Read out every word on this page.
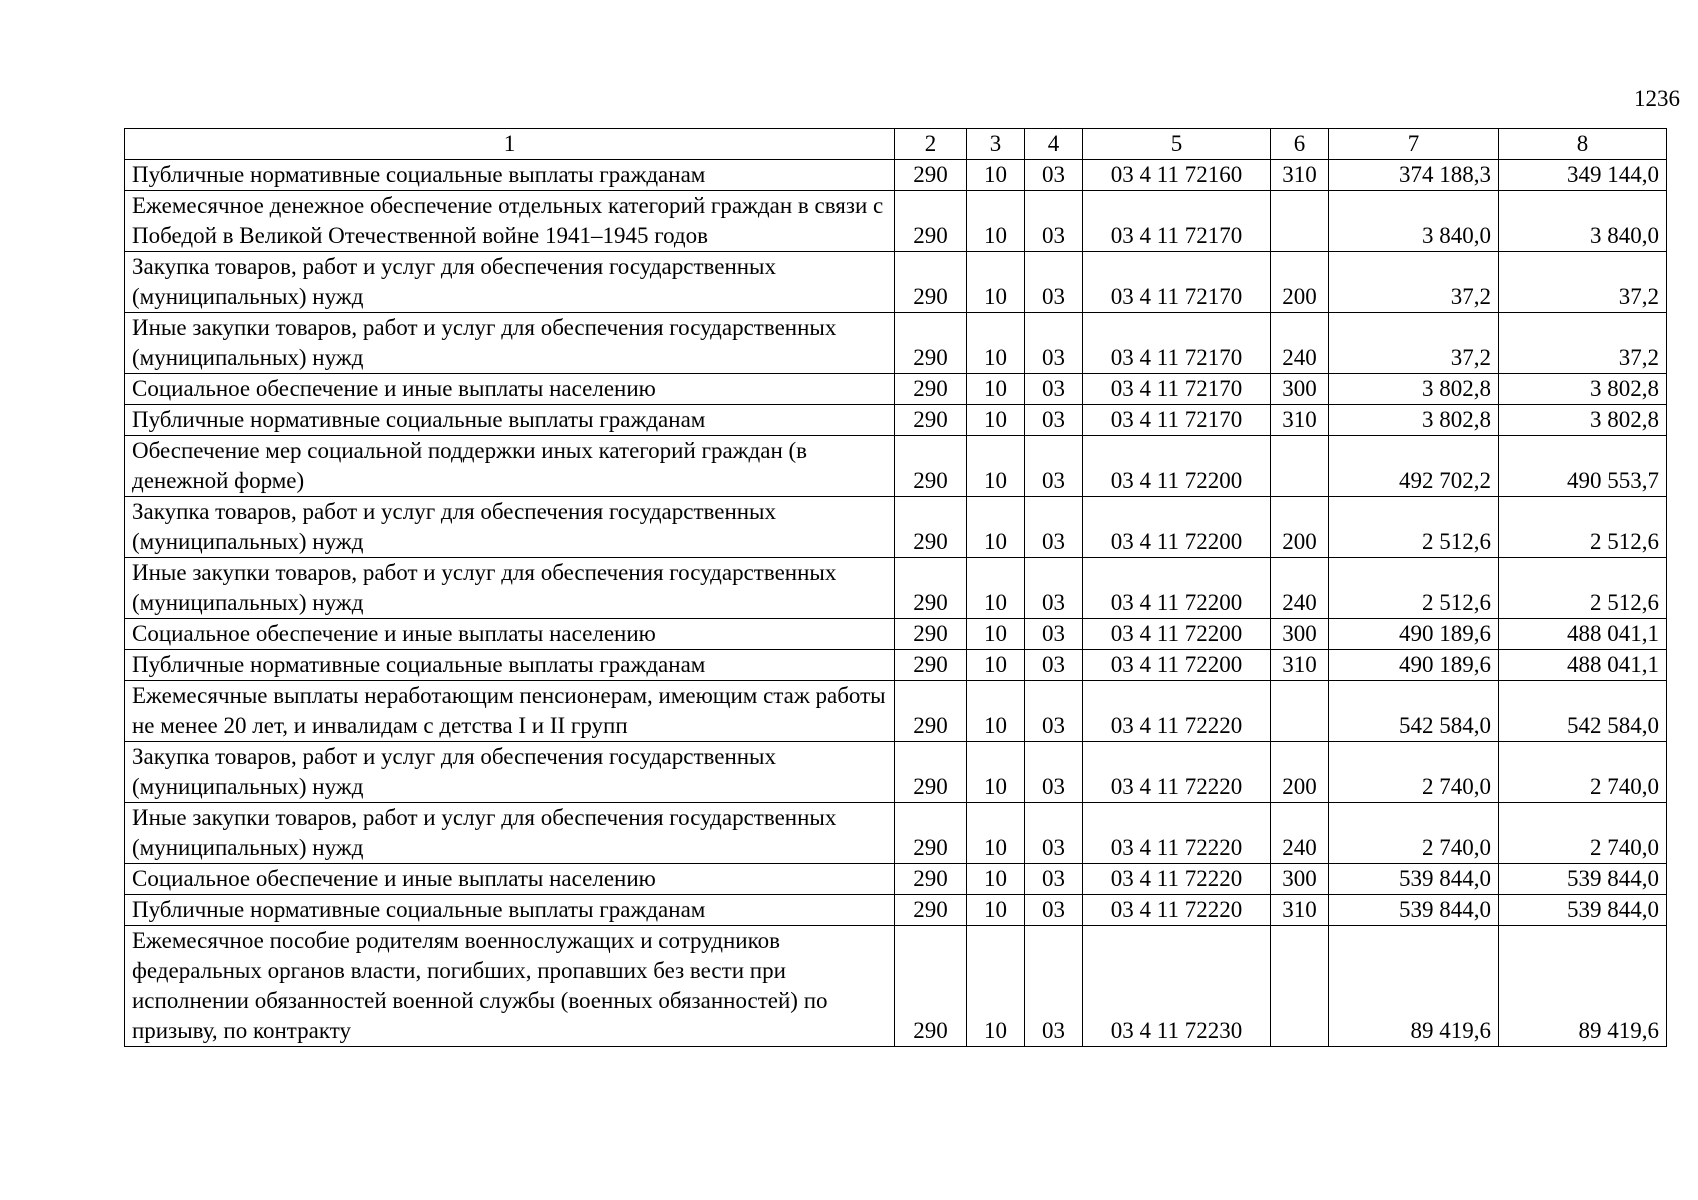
1236
1	2	3	4	5	6	7	8
Публичные нормативные социальные выплаты гражданам	290	10	03	03 4 11 72160	310	374 188,3	349 144,0
Ежемесячное денежное обеспечение отдельных категорий граждан в связи с Победой в Великой Отечественной войне 1941–1945 годов	290	10	03	03 4 11 72170		3 840,0	3 840,0
Закупка товаров, работ и услуг для обеспечения государственных (муниципальных) нужд	290	10	03	03 4 11 72170	200	37,2	37,2
Иные закупки товаров, работ и услуг для обеспечения государственных (муниципальных) нужд	290	10	03	03 4 11 72170	240	37,2	37,2
Социальное обеспечение и иные выплаты населению	290	10	03	03 4 11 72170	300	3 802,8	3 802,8
Публичные нормативные социальные выплаты гражданам	290	10	03	03 4 11 72170	310	3 802,8	3 802,8
Обеспечение мер социальной поддержки иных категорий граждан (в денежной форме)	290	10	03	03 4 11 72200		492 702,2	490 553,7
Закупка товаров, работ и услуг для обеспечения государственных (муниципальных) нужд	290	10	03	03 4 11 72200	200	2 512,6	2 512,6
Иные закупки товаров, работ и услуг для обеспечения государственных (муниципальных) нужд	290	10	03	03 4 11 72200	240	2 512,6	2 512,6
Социальное обеспечение и иные выплаты населению	290	10	03	03 4 11 72200	300	490 189,6	488 041,1
Публичные нормативные социальные выплаты гражданам	290	10	03	03 4 11 72200	310	490 189,6	488 041,1
Ежемесячные выплаты неработающим пенсионерам, имеющим стаж работы не менее 20 лет, и инвалидам с детства I и II групп	290	10	03	03 4 11 72220		542 584,0	542 584,0
Закупка товаров, работ и услуг для обеспечения государственных (муниципальных) нужд	290	10	03	03 4 11 72220	200	2 740,0	2 740,0
Иные закупки товаров, работ и услуг для обеспечения государственных (муниципальных) нужд	290	10	03	03 4 11 72220	240	2 740,0	2 740,0
Социальное обеспечение и иные выплаты населению	290	10	03	03 4 11 72220	300	539 844,0	539 844,0
Публичные нормативные социальные выплаты гражданам	290	10	03	03 4 11 72220	310	539 844,0	539 844,0
Ежемесячное пособие родителям военнослужащих и сотрудников федеральных органов власти, погибших, пропавших без вести при исполнении обязанностей военной службы (военных обязанностей) по призыву, по контракту	290	10	03	03 4 11 72230		89 419,6	89 419,6
